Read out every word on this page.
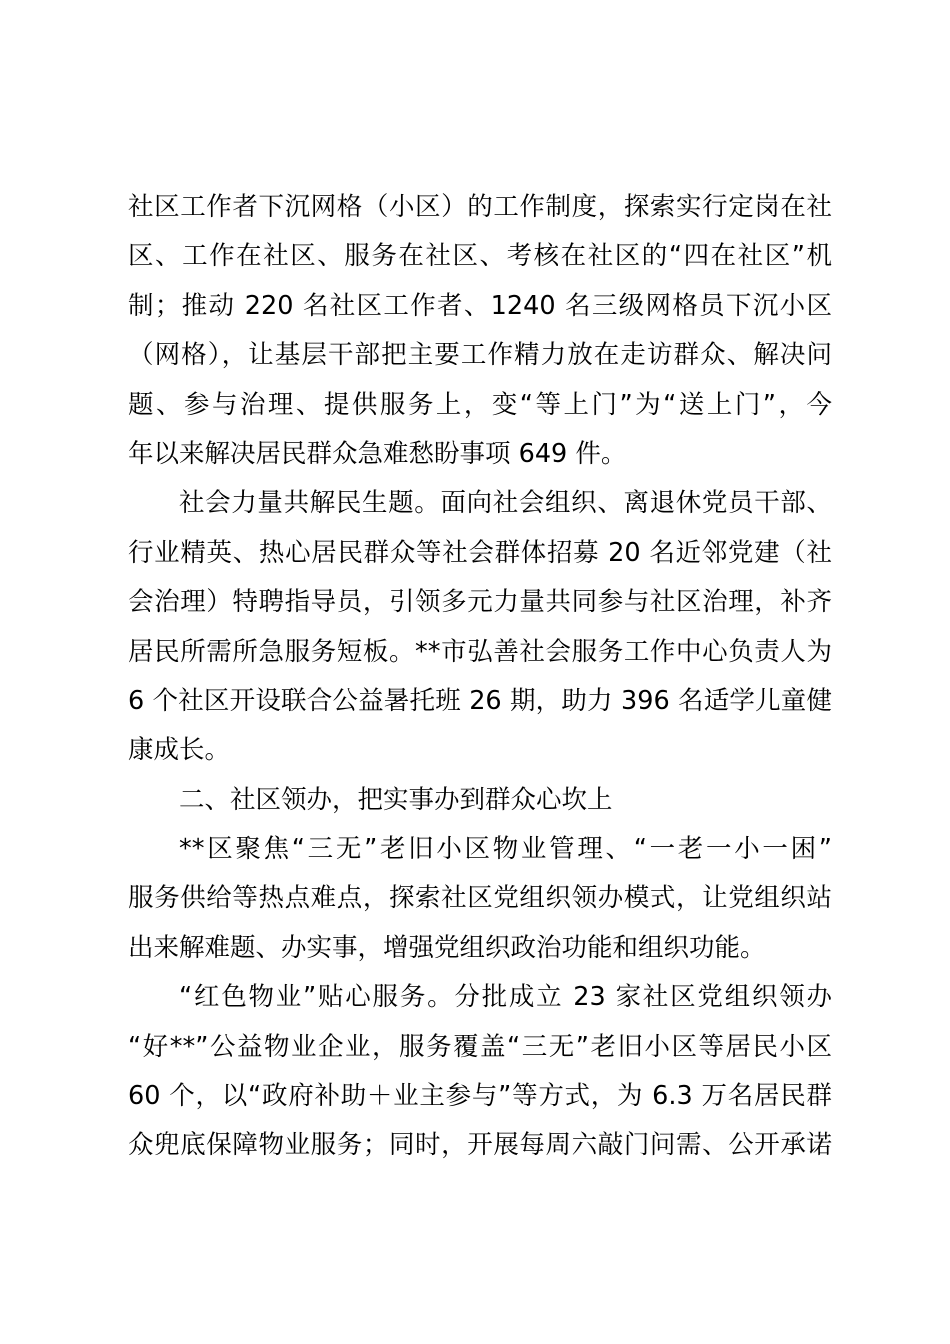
社区工作者下沉网格（小区）的工作制度，探索实行定岗在社
区、工作在社区、服务在社区、考核在社区的“四在社区”机
制；推动 220 名社区工作者、1240 名三级网格员下沉小区
（网格），让基层干部把主要工作精力放在走访群众、解决问
题、参与治理、提供服务上，变“等上门”为“送上门”，今
年以来解决居民群众急难愁盼事项 649 件。
社会力量共解民生题。面向社会组织、离退休党员干部、
行业精英、热心居民群众等社会群体招募 20 名近邻党建（社
会治理）特聘指导员，引领多元力量共同参与社区治理，补齐
居民所需所急服务短板。**市弘善社会服务工作中心负责人为
6 个社区开设联合公益暑托班 26 期，助力 396 名适学儿童健
康成长。
二、社区领办，把实事办到群众心坎上
**区聚焦“三无”老旧小区物业管理、“一老一小一困”
服务供给等热点难点，探索社区党组织领办模式，让党组织站
出来解难题、办实事，增强党组织政治功能和组织功能。
“红色物业”贴心服务。分批成立 23 家社区党组织领办
“好**”公益物业企业，服务覆盖“三无”老旧小区等居民小区
60 个，以“政府补助＋业主参与”等方式，为 6.3 万名居民群
众兜底保障物业服务；同时，开展每周六敲门问需、公开承诺
